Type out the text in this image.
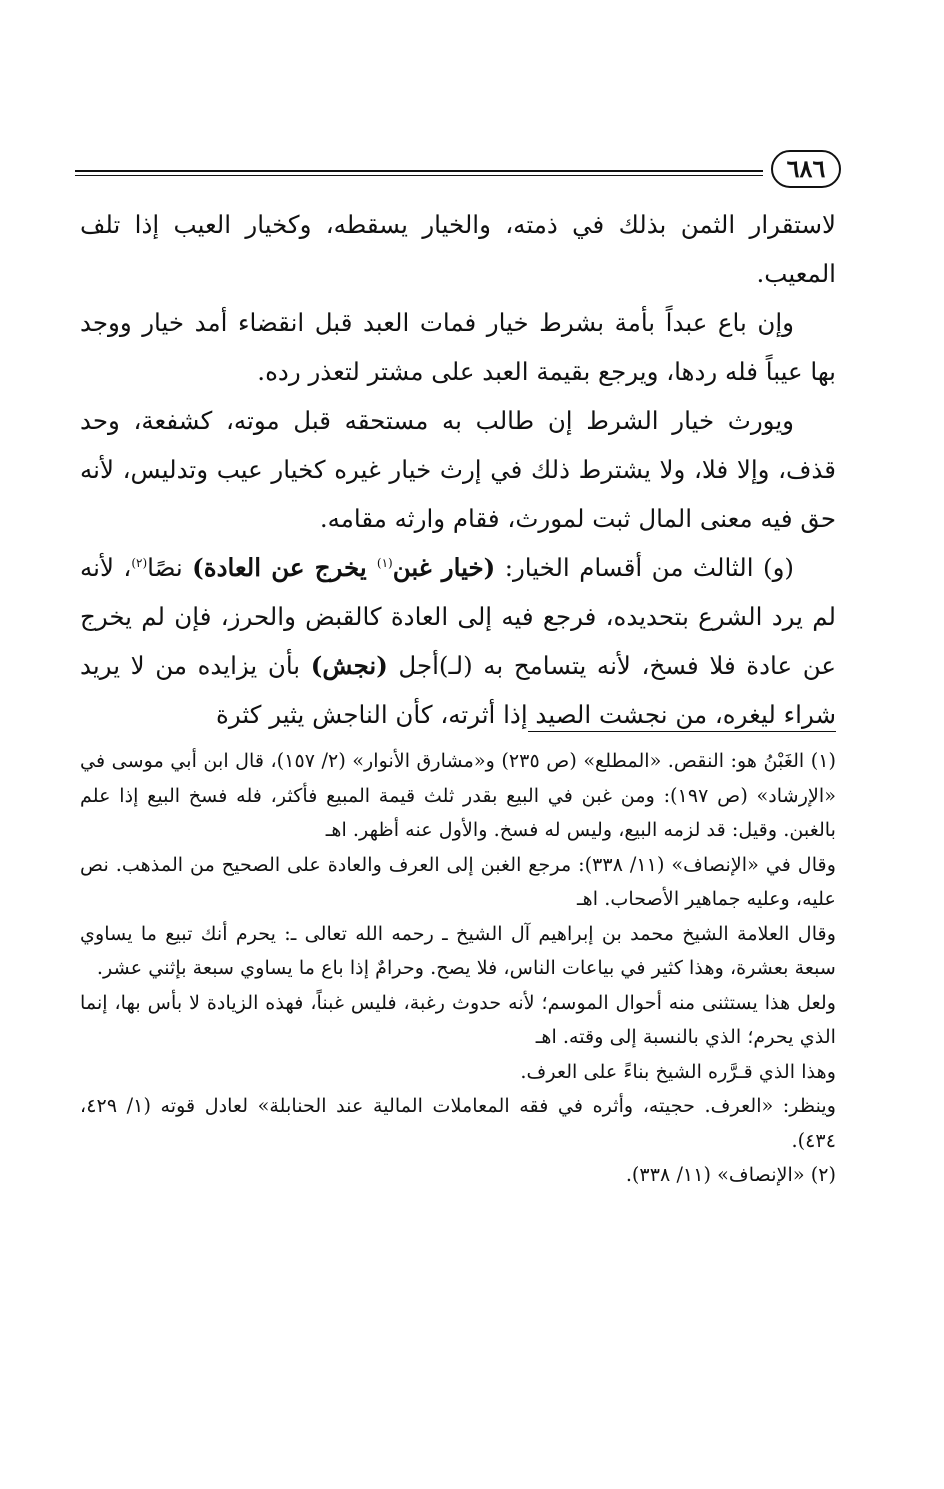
٦٨٦

لاستقرار الثمن بذلك في ذمته، والخيار يسقطه، وكخيار العيب إذا تلف المعيب.

وإن باع عبداً بأمة بشرط خيار فمات العبد قبل انقضاء أمد خيار ووجد بها عيباً فله ردها، ويرجع بقيمة العبد على مشتر لتعذر رده.

ويورث خيار الشرط إن طالب به مستحقه قبل موته، كشفعة، وحد قذف، وإلا فلا، ولا يشترط ذلك في إرث خيار غيره كخيار عيب وتدليس، لأنه حق فيه معنى المال ثبت لمورث، فقام وارثه مقامه.

(و) الثالث من أقسام الخيار: (خيار غبن$^{(١)}$ يخرج عن العادة) نصًا$^{(٢)}$، لأنه لم يرد الشرع بتحديده، فرجع فيه إلى العادة كالقبض والحرز، فإن لم يخرج عن عادة فلا فسخ، لأنه يتسامح به (لـ)أجل (نجش) بأن يزايده من لا يريد شراء ليغره، من نجشت الصيد إذا أثرته، كأن الناجش يثير كثرة

(١) الغَبْنُ هو: النقص. «المطلع» (ص ٢٣٥) و«مشارق الأنوار» (٢/ ١٥٧)، قال ابن أبي موسى في «الإرشاد» (ص ١٩٧): ومن غبن في البيع بقدر ثلث قيمة المبيع فأكثر، فله فسخ البيع إذا علم بالغبن. وقيل: قد لزمه البيع، وليس له فسخ. والأول عنه أظهر. اهـ

وقال في «الإنصاف» (١١/ ٣٣٨): مرجع الغبن إلى العرف والعادة على الصحيح من المذهب. نص عليه، وعليه جماهير الأصحاب. اهـ

وقال العلامة الشيخ محمد بن إبراهيم آل الشيخ ـ رحمه الله تعالى ـ: يحرم أنك تبيع ما يساوي سبعة بعشرة، وهذا كثير في بياعات الناس، فلا يصح. وحرامٌ إذا باع ما يساوي سبعة بإثني عشر.

ولعل هذا يستثنى منه أحوال الموسم؛ لأنه حدوث رغبة، فليس غبناً، فهذه الزيادة لا بأس بها، إنما الذي يحرم؛ الذي بالنسبة إلى وقته. اهـ

وهذا الذي قـرَّره الشيخ بناءً على العرف.

وينظر: «العرف. حجيته، وأثره في فقه المعاملات المالية عند الحنابلة» لعادل قوته (١/ ٤٢٩، ٤٣٤).

(٢) «الإنصاف» (١١/ ٣٣٨).
